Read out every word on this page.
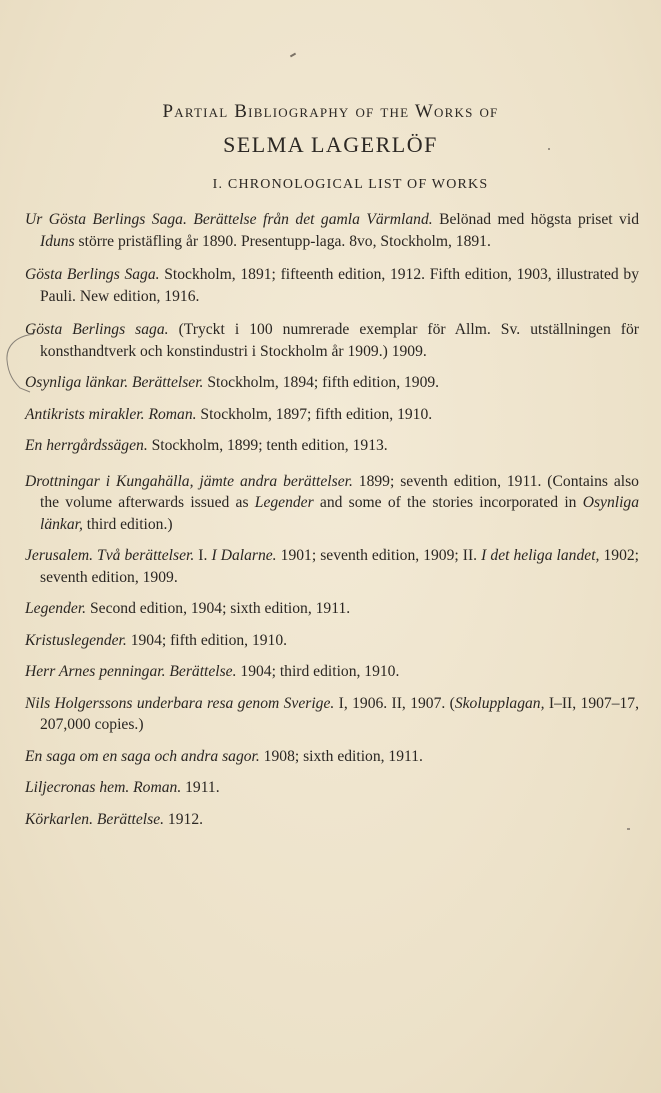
Partial Bibliography of the Works of
SELMA LAGERLÖF
I. CHRONOLOGICAL LIST OF WORKS

Ur Gösta Berlings Saga. Berättelse från det gamla Värmland. Belönad med högsta priset vid Iduns större pristäfling år 1890. Presentupp-laga. 8vo, Stockholm, 1891.

Gösta Berlings Saga. Stockholm, 1891; fifteenth edition, 1912. Fifth edition, 1903, illustrated by Pauli. New edition, 1916.

Gösta Berlings saga. (Tryckt i 100 numrerade exemplar för Allm. Sv. utställningen för konsthandtverk och konstindustri i Stockholm år 1909.) 1909.

Osynliga länkar. Berättelser. Stockholm, 1894; fifth edition, 1909.

Antikrists mirakler. Roman. Stockholm, 1897; fifth edition, 1910.

En herrgårdssägen. Stockholm, 1899; tenth edition, 1913.

Drottningar i Kungahälla, jämte andra berättelser. 1899; seventh edition, 1911. (Contains also the volume afterwards issued as Legender and some of the stories incorporated in Osynliga länkar, third edition.)

Jerusalem. Två berättelser. I. I Dalarne. 1901; seventh edition, 1909; II. I det heliga landet, 1902; seventh edition, 1909.

Legender. Second edition, 1904; sixth edition, 1911.

Kristuslegender. 1904; fifth edition, 1910.

Herr Arnes penningar. Berättelse. 1904; third edition, 1910.

Nils Holgerssons underbara resa genom Sverige. I, 1906. II, 1907. (Skolupplagan, I–II, 1907–17, 207,000 copies.)

En saga om en saga och andra sagor. 1908; sixth edition, 1911.

Liljecronas hem. Roman. 1911.

Körkarlen. Berättelse. 1912.
